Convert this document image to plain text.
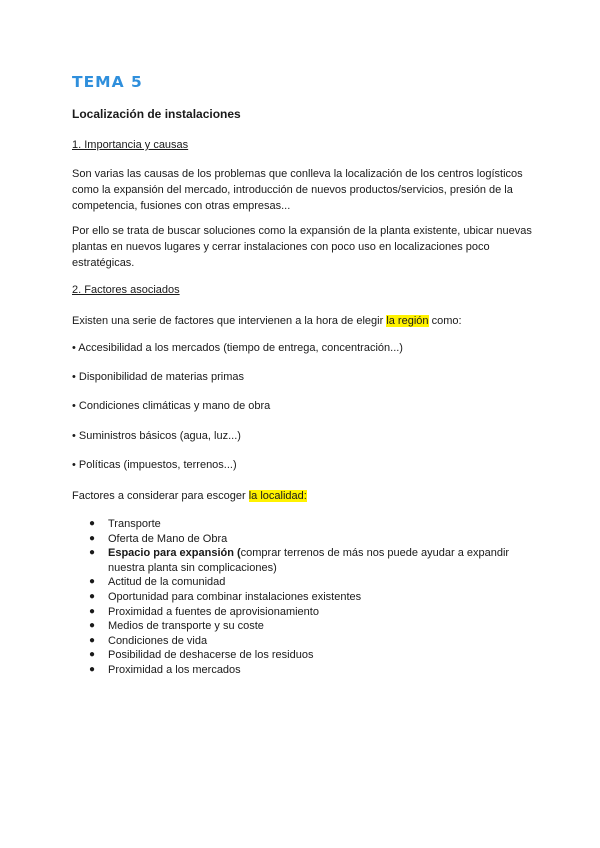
TEMA 5
Localización de instalaciones
1. Importancia y causas
Son varias las causas de los problemas que conlleva la localización de los centros logísticos como la expansión del mercado, introducción de nuevos productos/servicios, presión de la competencia, fusiones con otras empresas...
Por ello se trata de buscar soluciones como la expansión de la planta existente, ubicar nuevas plantas en nuevos lugares y cerrar instalaciones con poco uso en localizaciones poco estratégicas.
2. Factores asociados
Existen una serie de factores que intervienen a la hora de elegir la región como:
• Accesibilidad a los mercados (tiempo de entrega, concentración...)
• Disponibilidad de materias primas
• Condiciones climáticas y mano de obra
• Suministros básicos (agua, luz...)
• Políticas (impuestos, terrenos...)
Factores a considerar para escoger la localidad:
● Transporte
● Oferta de Mano de Obra
● Espacio para expansión (comprar terrenos de más nos puede ayudar a expandir nuestra planta sin complicaciones)
● Actitud de la comunidad
● Oportunidad para combinar instalaciones existentes
● Proximidad a fuentes de aprovisionamiento
● Medios de transporte y su coste
● Condiciones de vida
● Posibilidad de deshacerse de los residuos
● Proximidad a los mercados
